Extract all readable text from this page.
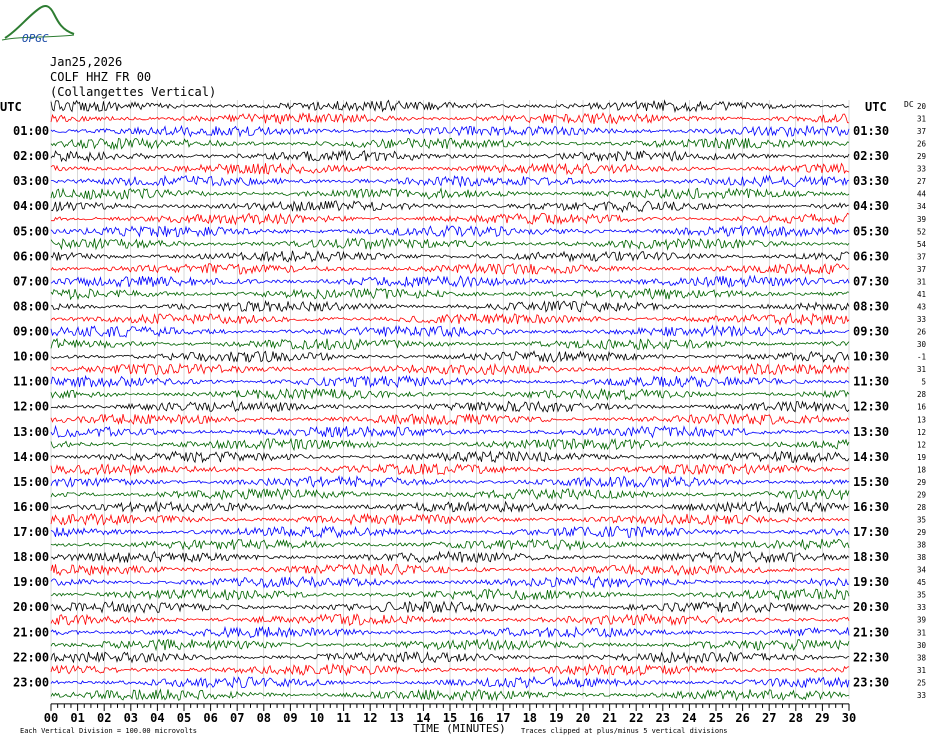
OPGC
Jan25,2026
COLF HHZ FR 00
(Collangettes Vertical)
UTC	UTC DC
01:00
02:00
03:00
04:00
05:00
06:00
07:00
08:00
09:00
10:00
11:00
12:00
13:00
14:00
15:00
16:00
17:00
18:00
19:00
20:00
21:00
22:00
23:00
01:30
02:30
03:30
04:30
05:30
06:30
07:30
08:30
09:30
10:30
11:30
12:30
13:30
14:30
15:30
16:30
17:30
18:30
19:30
20:30
21:30
22:30
23:30
20
31
37
26
29
33
27
44
34
39
52
54
37
37
31
41
43
33
26
30
-1
31
5
28
16
13
12
12
19
18
29
29
28
35
29
38
38
34
45
35
33
39
31
30
38
31
25
33
00 01 02 03 04 05 06 07 08 09 10 11 12 13 14 15 16 17 18 19 20 21 22 23 24 25 26 27 28 29 30
TIME (MINUTES)
Each Vertical Division = 100.00 microvolts	Traces clipped at plus/minus 5 vertical divisions
